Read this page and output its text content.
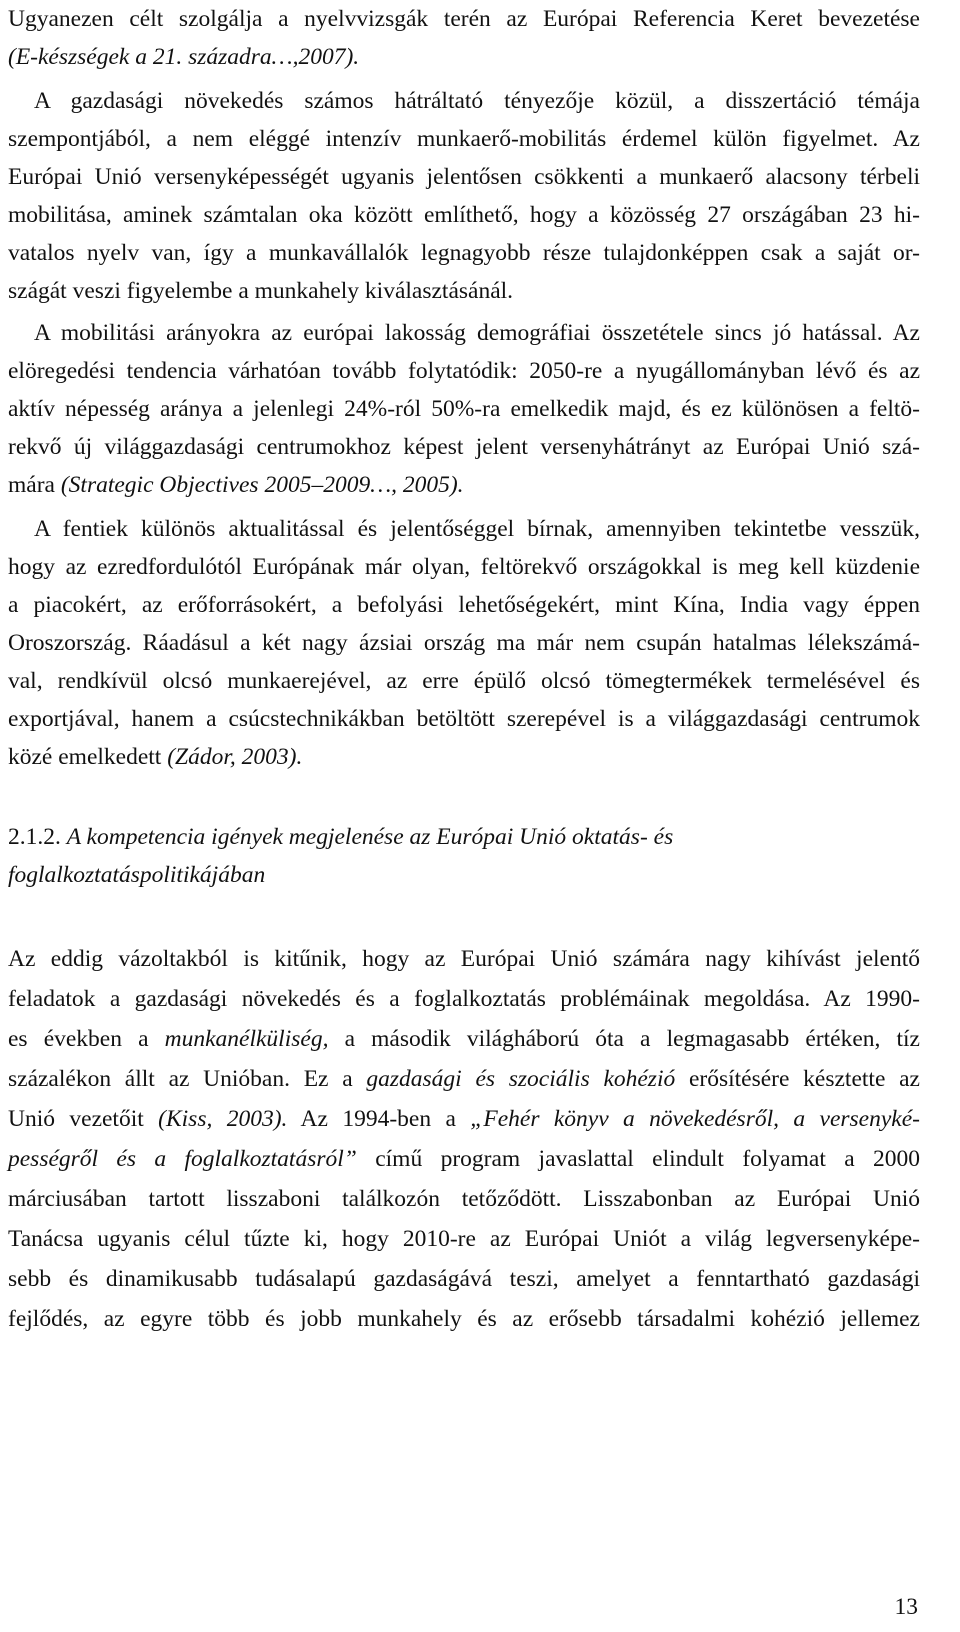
Ugyanezen célt szolgálja a nyelvvizsgák terén az Európai Referencia Keret bevezetése
(E-készségek a 21. századra…,2007).
A gazdasági növekedés számos hátráltató tényezője közül, a disszertáció témája
szempontjából, a nem eléggé intenzív munkaerő-mobilitás érdemel külön figyelmet. Az
Európai Unió versenyképességét ugyanis jelentősen csökkenti a munkaerő alacsony térbeli
mobilitása, aminek számtalan oka között említhető, hogy a közösség 27 országában 23 hi-
vatalos nyelv van, így a munkavállalók legnagyobb része tulajdonképpen csak a saját or-
szágát veszi figyelembe a munkahely kiválasztásánál.
A mobilitási arányokra az európai lakosság demográfiai összetétele sincs jó hatással. Az
elöregedési tendencia várhatóan tovább folytatódik: 2050-re a nyugállományban lévő és az
aktív népesség aránya a jelenlegi 24%-ról 50%-ra emelkedik majd, és ez különösen a feltö-
rekvő új világgazdasági centrumokhoz képest jelent versenyhátrányt az Európai Unió szá-
mára (Strategic Objectives 2005–2009…, 2005).
A fentiek különös aktualitással és jelentőséggel bírnak, amennyiben tekintetbe vesszük,
hogy az ezredfordulótól Európának már olyan, feltörekvő országokkal is meg kell küzdenie
a piacokért, az erőforrásokért, a befolyási lehetőségekért, mint Kína, India vagy éppen
Oroszország. Ráadásul a két nagy ázsiai ország ma már nem csupán hatalmas lélekszámá-
val, rendkívül olcsó munkaerejével, az erre épülő olcsó tömegtermékek termelésével és
exportjával, hanem a csúcstechnikákban betöltött szerepével is a világgazdasági centrumok
közé emelkedett (Zádor, 2003).
2.1.2. A kompetencia igények megjelenése az Európai Unió oktatás- és
foglalkoztatáspolitikájában
Az eddig vázoltakból is kitűnik, hogy az Európai Unió számára nagy kihívást jelentő
feladatok a gazdasági növekedés és a foglalkoztatás problémáinak megoldása. Az 1990-
es években a munkanélküliség, a második világháború óta a legmagasabb értéken, tíz
százalékon állt az Unióban. Ez a gazdasági és szociális kohézió erősítésére késztette az
Unió vezetőit (Kiss, 2003). Az 1994-ben a „Fehér könyv a növekedésről, a versenyké-
pességről és a foglalkoztatásról” című program javaslattal elindult folyamat a 2000
márciusában tartott lisszaboni találkozón tetőződött. Lisszabonban az Európai Unió
Tanácsa ugyanis célul tűzte ki, hogy 2010-re az Európai Uniót a világ legversenyképe-
sebb és dinamikusabb tudásalapú gazdaságává teszi, amelyet a fenntartható gazdasági
fejlődés, az egyre több és jobb munkahely és az erősebb társadalmi kohézió jellemez
13
